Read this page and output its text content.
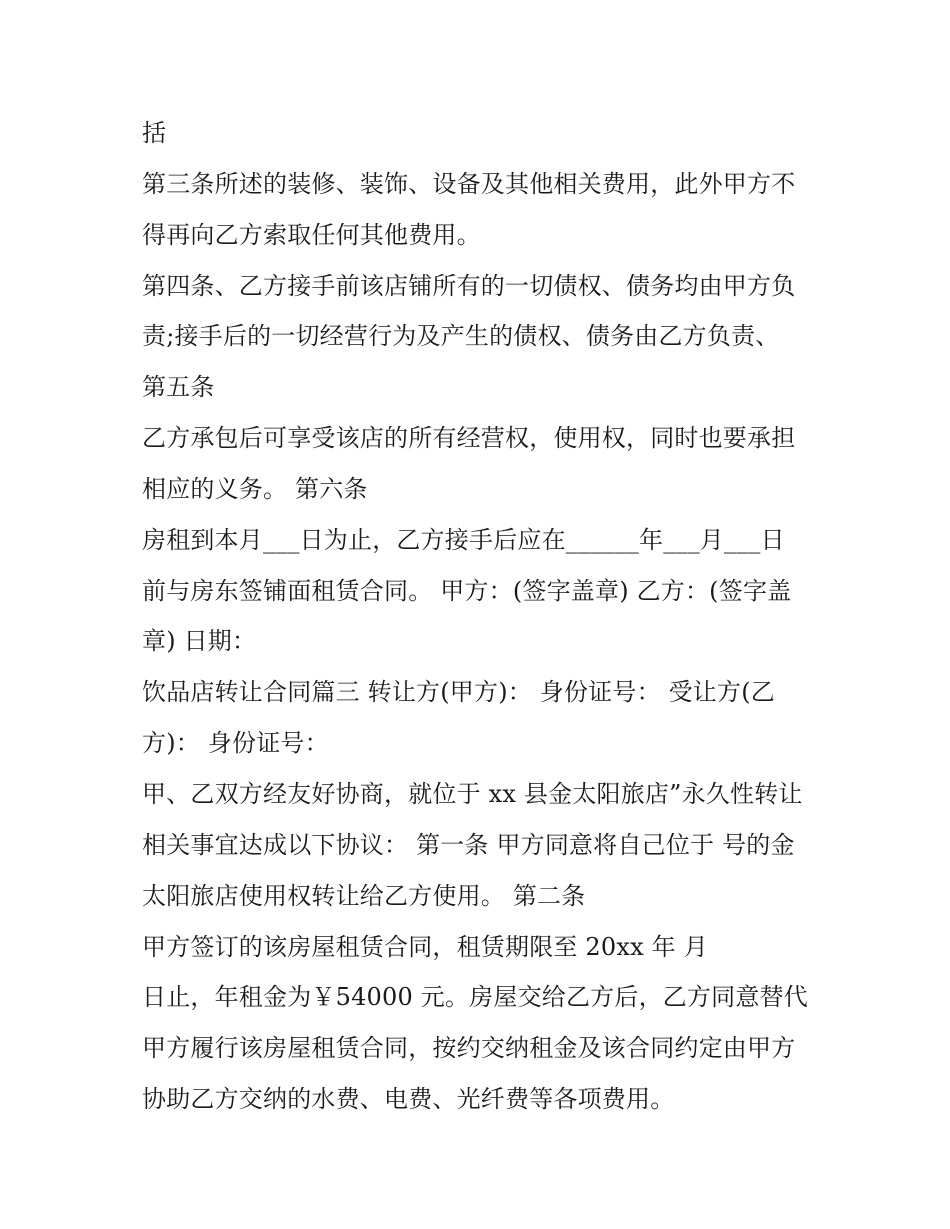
括
第三条所述的装修、装饰、设备及其他相关费用，此外甲方不
得再向乙方索取任何其他费用。
第四条、乙方接手前该店铺所有的一切债权、债务均由甲方负
责;接手后的一切经营行为及产生的债权、债务由乙方负责、
第五条
乙方承包后可享受该店的所有经营权，使用权，同时也要承担
相应的义务。 第六条
房租到本月___日为止，乙方接手后应在______年___月___日
前与房东签铺面租赁合同。 甲方：(签字盖章) 乙方：(签字盖
章) 日期：
饮品店转让合同篇三 转让方(甲方)： 身份证号： 受让方(乙
方)： 身份证号：
甲、乙双方经友好协商，就位于 xx 县金太阳旅店”永久性转让
相关事宜达成以下协议： 第一条 甲方同意将自己位于 号的金
太阳旅店使用权转让给乙方使用。 第二条
甲方签订的该房屋租赁合同，租赁期限至 20xx 年 月
日止，年租金为￥54000 元。房屋交给乙方后，乙方同意替代
甲方履行该房屋租赁合同，按约交纳租金及该合同约定由甲方
协助乙方交纳的水费、电费、光纤费等各项费用。
